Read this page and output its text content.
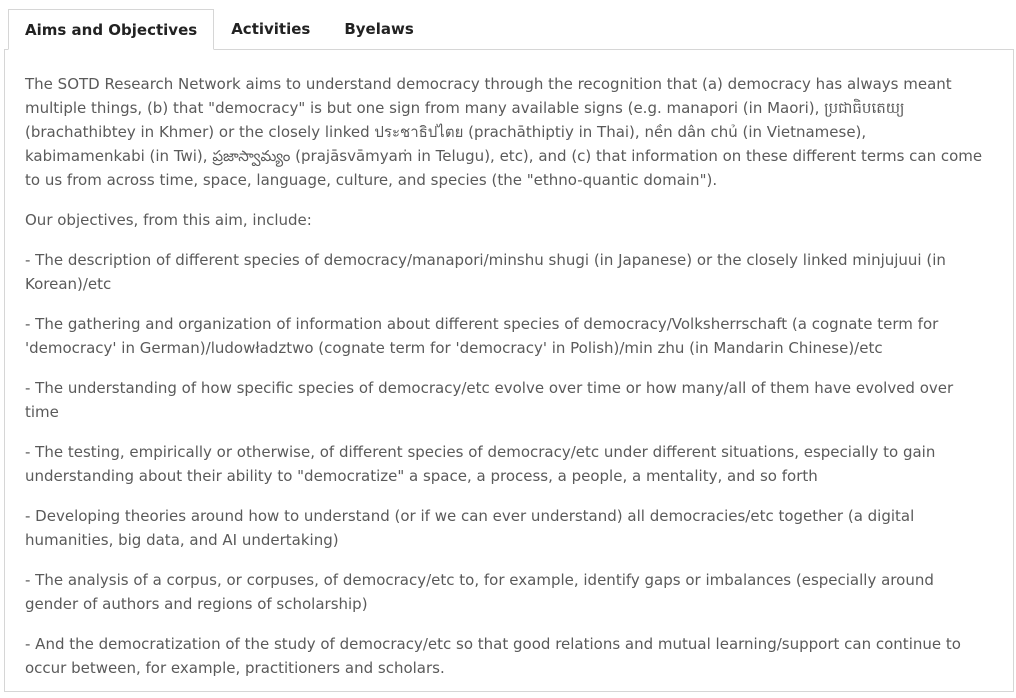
Aims and Objectives	Activities	Byelaws

The SOTD Research Network aims to understand democracy through the recognition that (a) democracy has always meant multiple things, (b) that "democracy" is but one sign from many available signs (e.g. manapori (in Maori), ប្រជាធិបតេយ្យ (brachathibtey in Khmer) or the closely linked ประชาธิปไตย (prachāthiptiy in Thai), nền dân chủ (in Vietnamese), kabimamenkabi (in Twi), ప్రజాస్వామ్యం (prajāsvāmyaṁ in Telugu), etc), and (c) that information on these different terms can come to us from across time, space, language, culture, and species (the "ethno-quantic domain").

Our objectives, from this aim, include:

- The description of different species of democracy/manapori/minshu shugi (in Japanese) or the closely linked minjujuui (in Korean)/etc

- The gathering and organization of information about different species of democracy/Volksherrschaft (a cognate term for 'democracy' in German)/ludowładztwo (cognate term for 'democracy' in Polish)/min zhu (in Mandarin Chinese)/etc

- The understanding of how specific species of democracy/etc evolve over time or how many/all of them have evolved over time

- The testing, empirically or otherwise, of different species of democracy/etc under different situations, especially to gain understanding about their ability to "democratize" a space, a process, a people, a mentality, and so forth

- Developing theories around how to understand (or if we can ever understand) all democracies/etc together (a digital humanities, big data, and AI undertaking)

- The analysis of a corpus, or corpuses, of democracy/etc to, for example, identify gaps or imbalances (especially around gender of authors and regions of scholarship)

- And the democratization of the study of democracy/etc so that good relations and mutual learning/support can continue to occur between, for example, practitioners and scholars.
